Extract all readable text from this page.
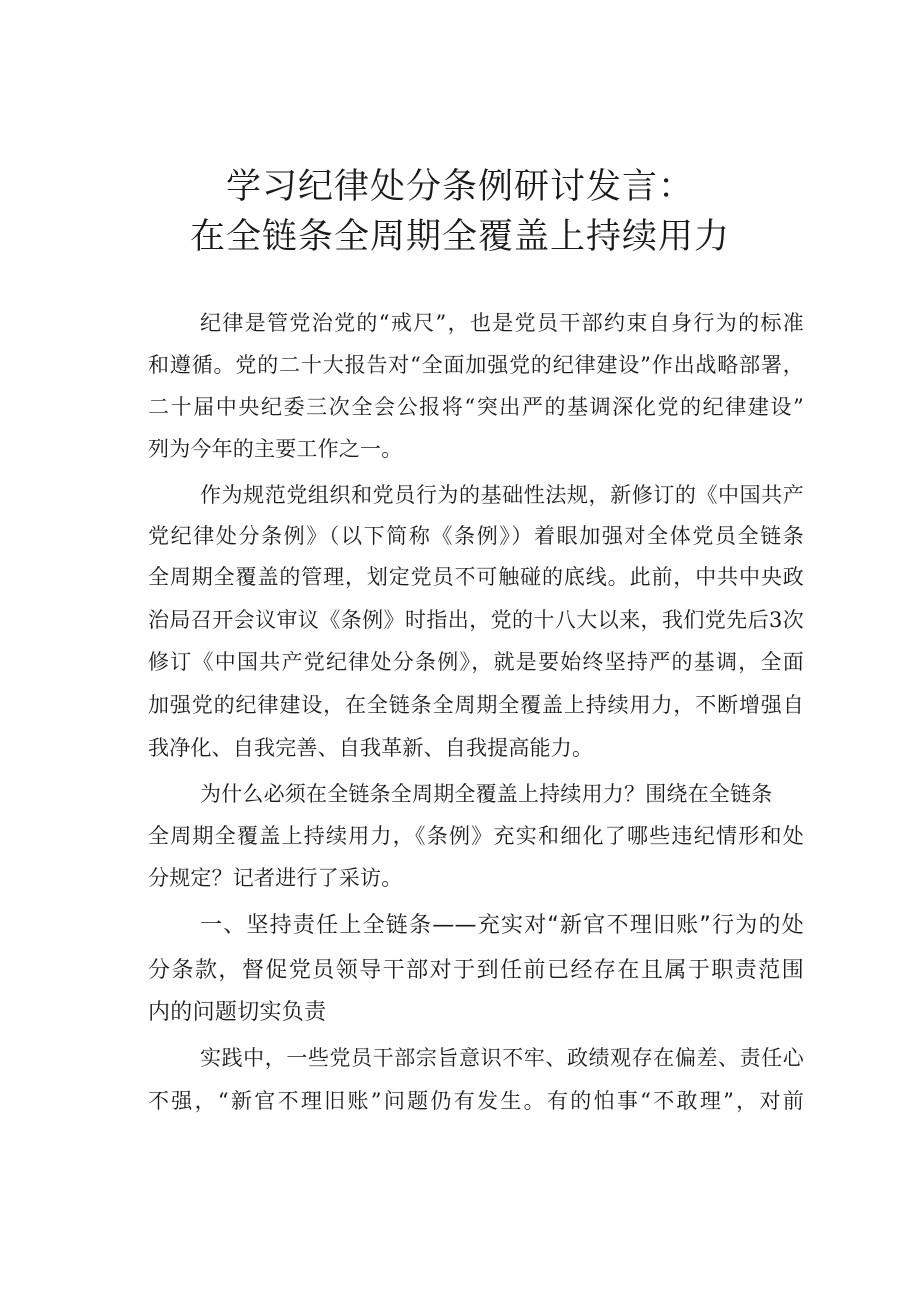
学习纪律处分条例研讨发言：
在全链条全周期全覆盖上持续用力
纪律是管党治党的“戒尺”，也是党员干部约束自身行为的标准
和遵循。党的二十大报告对“全面加强党的纪律建设”作出战略部署，
二十届中央纪委三次全会公报将“突出严的基调深化党的纪律建设”
列为今年的主要工作之一。
作为规范党组织和党员行为的基础性法规，新修订的《中国共产
党纪律处分条例》（以下简称《条例》）着眼加强对全体党员全链条
全周期全覆盖的管理，划定党员不可触碰的底线。此前，中共中央政
治局召开会议审议《条例》时指出，党的十八大以来，我们党先后3次
修订《中国共产党纪律处分条例》，就是要始终坚持严的基调，全面
加强党的纪律建设，在全链条全周期全覆盖上持续用力，不断增强自
我净化、自我完善、自我革新、自我提高能力。
为什么必须在全链条全周期全覆盖上持续用力？围绕在全链条
全周期全覆盖上持续用力，《条例》充实和细化了哪些违纪情形和处
分规定？记者进行了采访。
一、坚持责任上全链条——充实对“新官不理旧账”行为的处
分条款，督促党员领导干部对于到任前已经存在且属于职责范围
内的问题切实负责
实践中，一些党员干部宗旨意识不牢、政绩观存在偏差、责任心
不强，“新官不理旧账”问题仍有发生。有的怕事“不敢理”，对前
